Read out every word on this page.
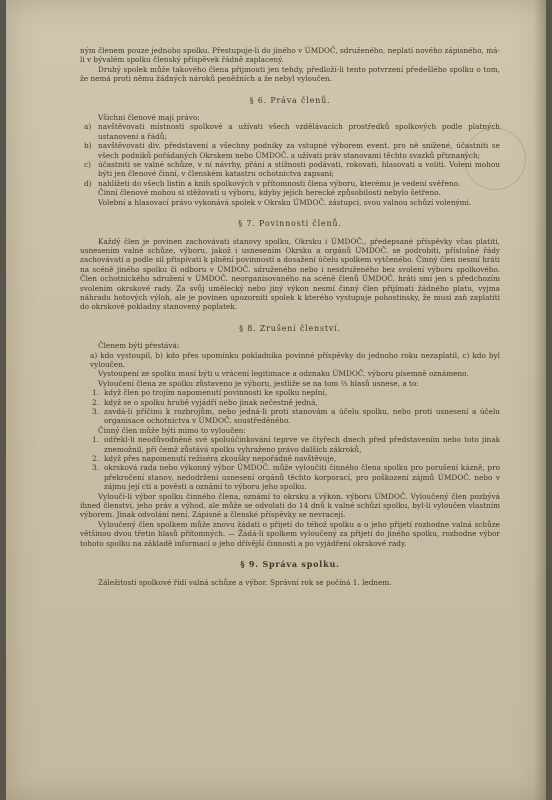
ným členem pouze jednoho spolku. Přestupuje-li do jiného v ÚMDOČ, sdruženého, neplatí nového zápisného, má-li v bývalém spolku členský příspěvek řádně zaplacený.

Druhý spolek může takového člena přijmouti jen tehdy, předloží-li tento potvrzení předešlého spolku o tom, že nemá proti němu žádných nároků peněžních a že nebyl vyloučen.

§ 6. Práva členů.

Všichni členové mají právo:

a) navštěvovati místnosti spolkové a užívati všech vzdělávacích prostředků spolkových podle platných ustanovení a řádů;

b) navštěvovati div. představení a všechny podniky za vstupné výborem event. pro ně snížené, účastniti se všech podniků pořádaných Okrskem nebo ÚMDOČ. a užívati práv stanovami těchto svazků přiznaných;

c) účastniti se valné schůze, v ní návrhy, přání a stížnosti podávati, rokovati, hlasovati a voliti. Voleni mohou býti jen členové činní, v členském katastru ochotnictva zapsaní;

d) nahlížeti do všech listin a knih spolkových v přítomnosti člena výboru, kterému je vedení svěřeno.

Činní členové mohou si stěžovati u výboru, kdyby jejich herecké způsobilosti nebylo šetřeno.

Volební a hlasovací právo vykonává spolek v Okrsku ÚMDOČ. zástupci, svou valnou schůzí volenými.

§ 7. Povinnosti členů.

Každý člen je povinen zachovávati stanovy spolku, Okrsku i ÚMDOČ., předepsané příspěvky včas platiti, usnesením valné schůze, výboru, jakož i usnesením Okrsku a orgánů ÚMDOČ. se podrobiti, příslušné řády zachovávati a podle sil přispívati k plnění povinností a dosažení účelu spolkem vytčeného. Činný člen nesmí hráti na scéně jiného spolku či odboru v ÚMDOČ. sdruženého nebo i nesdruženého bez svolení výboru spolkového. Člen ochotnického sdružení v ÚMDOČ. neorganisovaného na scéně členů ÚMDOČ. hráti smí jen s předchozím svolením okrskové rady. Za svůj umělecký nebo jiný výkon nesmí činný člen přijímati žádného platu, vyjma náhradu hotových výloh, ale je povinen upozorniti spolek k kterého vystupuje pohostinsky, že musí zaň zaplatiti do okrskové pokladny stanovený poplatek.

§ 8. Zrušení členství.

Členem býti přestává:

a) kdo vystoupil, b) kdo přes upomínku pokladníka povinné příspěvky do jednoho roku nezaplatil, c) kdo byl vyloučen.

Vystoupení ze spolku musí býti u vrácení legitimace a odznaku ÚMDOČ. výboru písemně oznámeno.

Vyloučení člena ze spolku zůstaveno je výboru, jestliže se na tom ⅔ hlasů usnese, a to:

1. když člen po trojím napomenutí povinnosti ke spolku neplní,

2. když se o spolku hrubě vyjádří nebo jinak nečestně jedná,

3. zavdá-li příčinu k rozbrojům, nebo jedná-li proti stanovám a účelu spolku, nebo proti usnesení a účelu organisace ochotnictva v ÚMDOČ. soustředěného.

Činný člen může býti mimo to vyloučen:

1. odřekl-li neodůvodněně své spoluúčinkování teprve ve čtyřech dnech před představením nebo toto jinak znemožnil, při čemž zůstává spolku vyhraženo právo dalších zákroků,

2. když přes napomenutí režiséra zkoušky nepořádně navštěvuje,

3. okrsková rada nebo výkonný výbor ÚMDOČ. může vyloučiti činného člena spolku pro porušení kázně, pro překročení stanov, nedodržení usnesení orgánů těchto korporací, pro poškození zájmů ÚMDOČ. nebo v zájmu její cti a pověsti a oznámí to výboru jeho spolku.

Vyloučí-li výbor spolku činného člena, oznámí to okrsku a výkon. výboru ÚMDOČ. Vyloučený člen pozbývá ihned členství, jeho práv a výhod, ale může se odvolati do 14 dnů k valné schůzi spolku, byl-li vyloučen vlastním výborem. Jinak odvolání není. Zápisné a členské příspěvky se nevracejí.

Vyloučený člen spolkem může znovu žádati o přijetí do téhož spolku a o jeho přijetí rozhodne valná schůze většinou dvou třetin hlasů přítomných. — Žádá-li spolkem vyloučený za přijetí do jiného spolku, rozhodne výbor tohoto spolku na základě informací o jeho dřívější činnosti a po vyjádření okrskové rady.

§ 9. Správa spolku.

Záležitosti spolkové řídí valná schůze a výbor. Správní rok se počíná 1. lednem.
